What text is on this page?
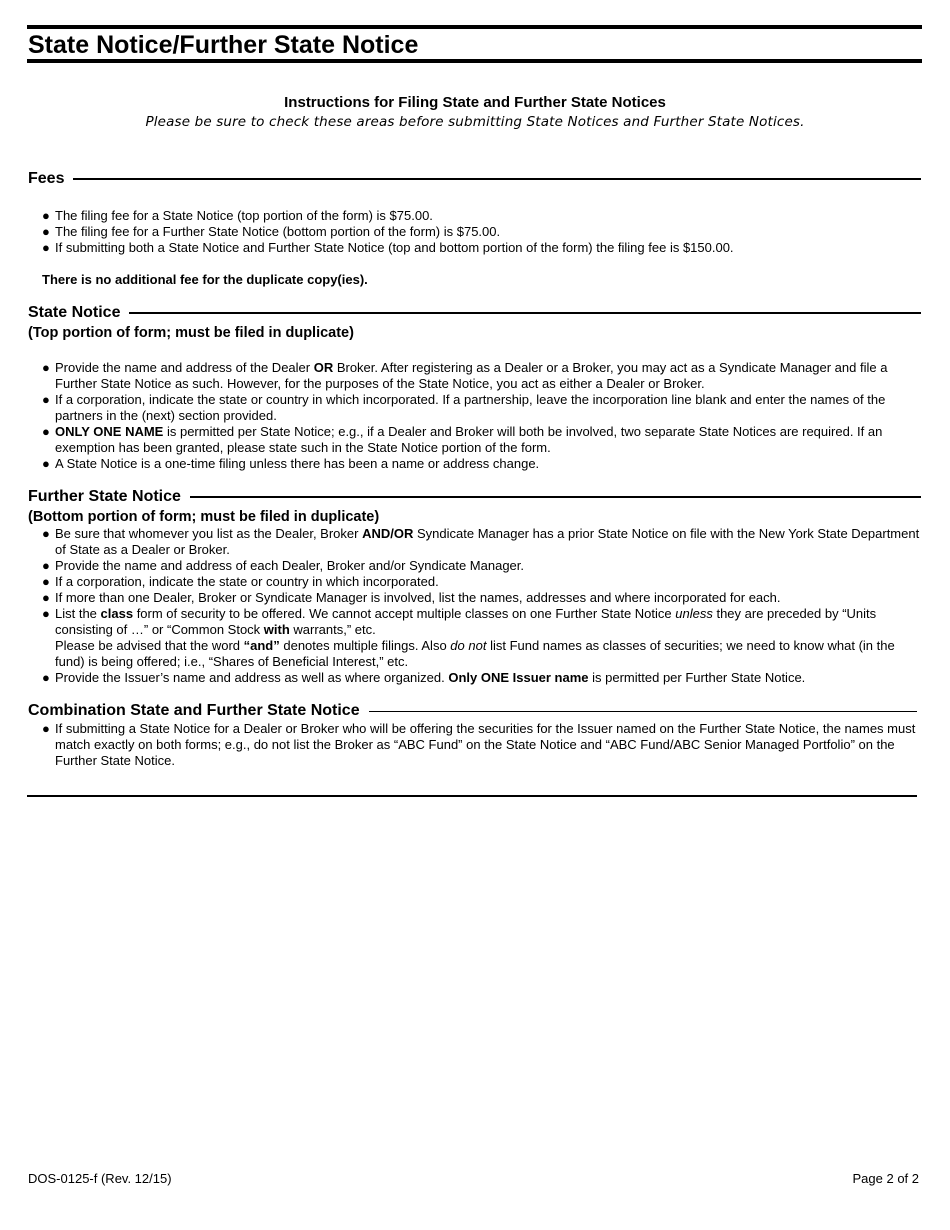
State Notice/Further State Notice
Instructions for Filing State and Further State Notices
Please be sure to check these areas before submitting State Notices and Further State Notices.
Fees
● The filing fee for a State Notice (top portion of the form) is $75.00.
● The filing fee for a Further State Notice (bottom portion of the form) is $75.00.
● If submitting both a State Notice and Further State Notice (top and bottom portion of the form) the filing fee is $150.00.
There is no additional fee for the duplicate copy(ies).
State Notice
(Top portion of form; must be filed in duplicate)
● Provide the name and address of the Dealer OR Broker. After registering as a Dealer or a Broker, you may act as a Syndicate Manager and file a Further State Notice as such. However, for the purposes of the State Notice, you act as either a Dealer or Broker.
● If a corporation, indicate the state or country in which incorporated. If a partnership, leave the incorporation line blank and enter the names of the partners in the (next) section provided.
● ONLY ONE NAME is permitted per State Notice; e.g., if a Dealer and Broker will both be involved, two separate State Notices are required. If an exemption has been granted, please state such in the State Notice portion of the form.
● A State Notice is a one-time filing unless there has been a name or address change.
Further State Notice
(Bottom portion of form; must be filed in duplicate)
● Be sure that whomever you list as the Dealer, Broker AND/OR Syndicate Manager has a prior State Notice on file with the New York State Department of State as a Dealer or Broker.
● Provide the name and address of each Dealer, Broker and/or Syndicate Manager.
● If a corporation, indicate the state or country in which incorporated.
● If more than one Dealer, Broker or Syndicate Manager is involved, list the names, addresses and where incorporated for each.
● List the class form of security to be offered. We cannot accept multiple classes on one Further State Notice unless they are preceded by “Units consisting of …” or “Common Stock with warrants,” etc.
Please be advised that the word “and” denotes multiple filings. Also do not list Fund names as classes of securities; we need to know what (in the fund) is being offered; i.e., “Shares of Beneficial Interest,” etc.
● Provide the Issuer’s name and address as well as where organized. Only ONE Issuer name is permitted per Further State Notice.
Combination State and Further State Notice
● If submitting a State Notice for a Dealer or Broker who will be offering the securities for the Issuer named on the Further State Notice, the names must match exactly on both forms; e.g., do not list the Broker as “ABC Fund” on the State Notice and “ABC Fund/ABC Senior Managed Portfolio” on the Further State Notice.
DOS-0125-f (Rev. 12/15)	Page 2 of 2
